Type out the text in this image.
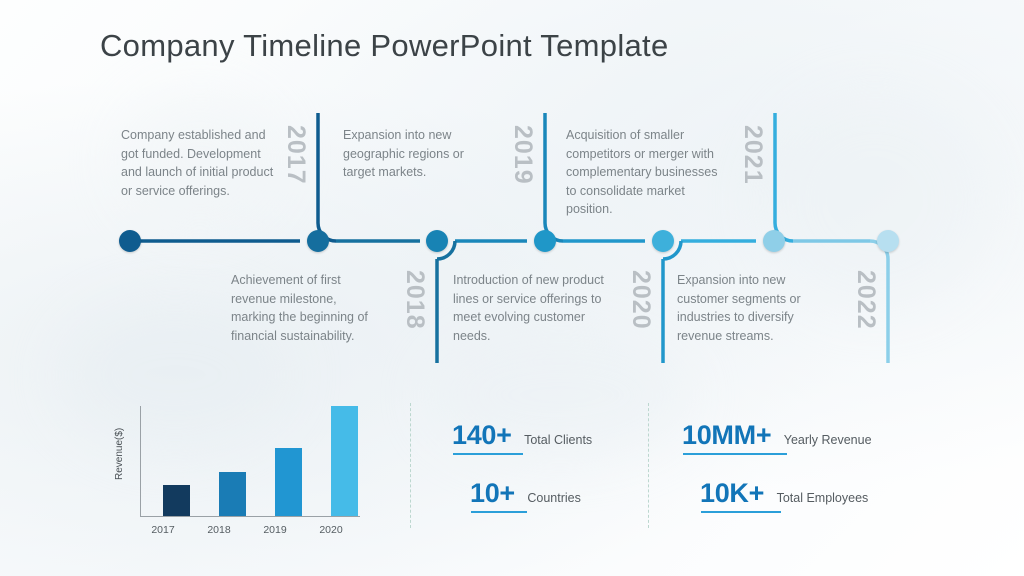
Company Timeline PowerPoint Template
2017
2018
2019
2020
2021
2022
Company established and got funded. Development and launch of initial product or service offerings.
Achievement of first revenue milestone, marking the beginning of financial sustainability.
Expansion into new geographic regions or target markets.
Introduction of new product lines or service offerings to meet evolving customer needs.
Acquisition of smaller competitors or merger with complementary businesses to consolidate market position.
Expansion into new customer segments or industries to diversify revenue streams.
Revenue($)
2017	2018	2019	2020
140+ Total Clients
10+ Countries
10MM+ Yearly Revenue
10K+ Total Employees
